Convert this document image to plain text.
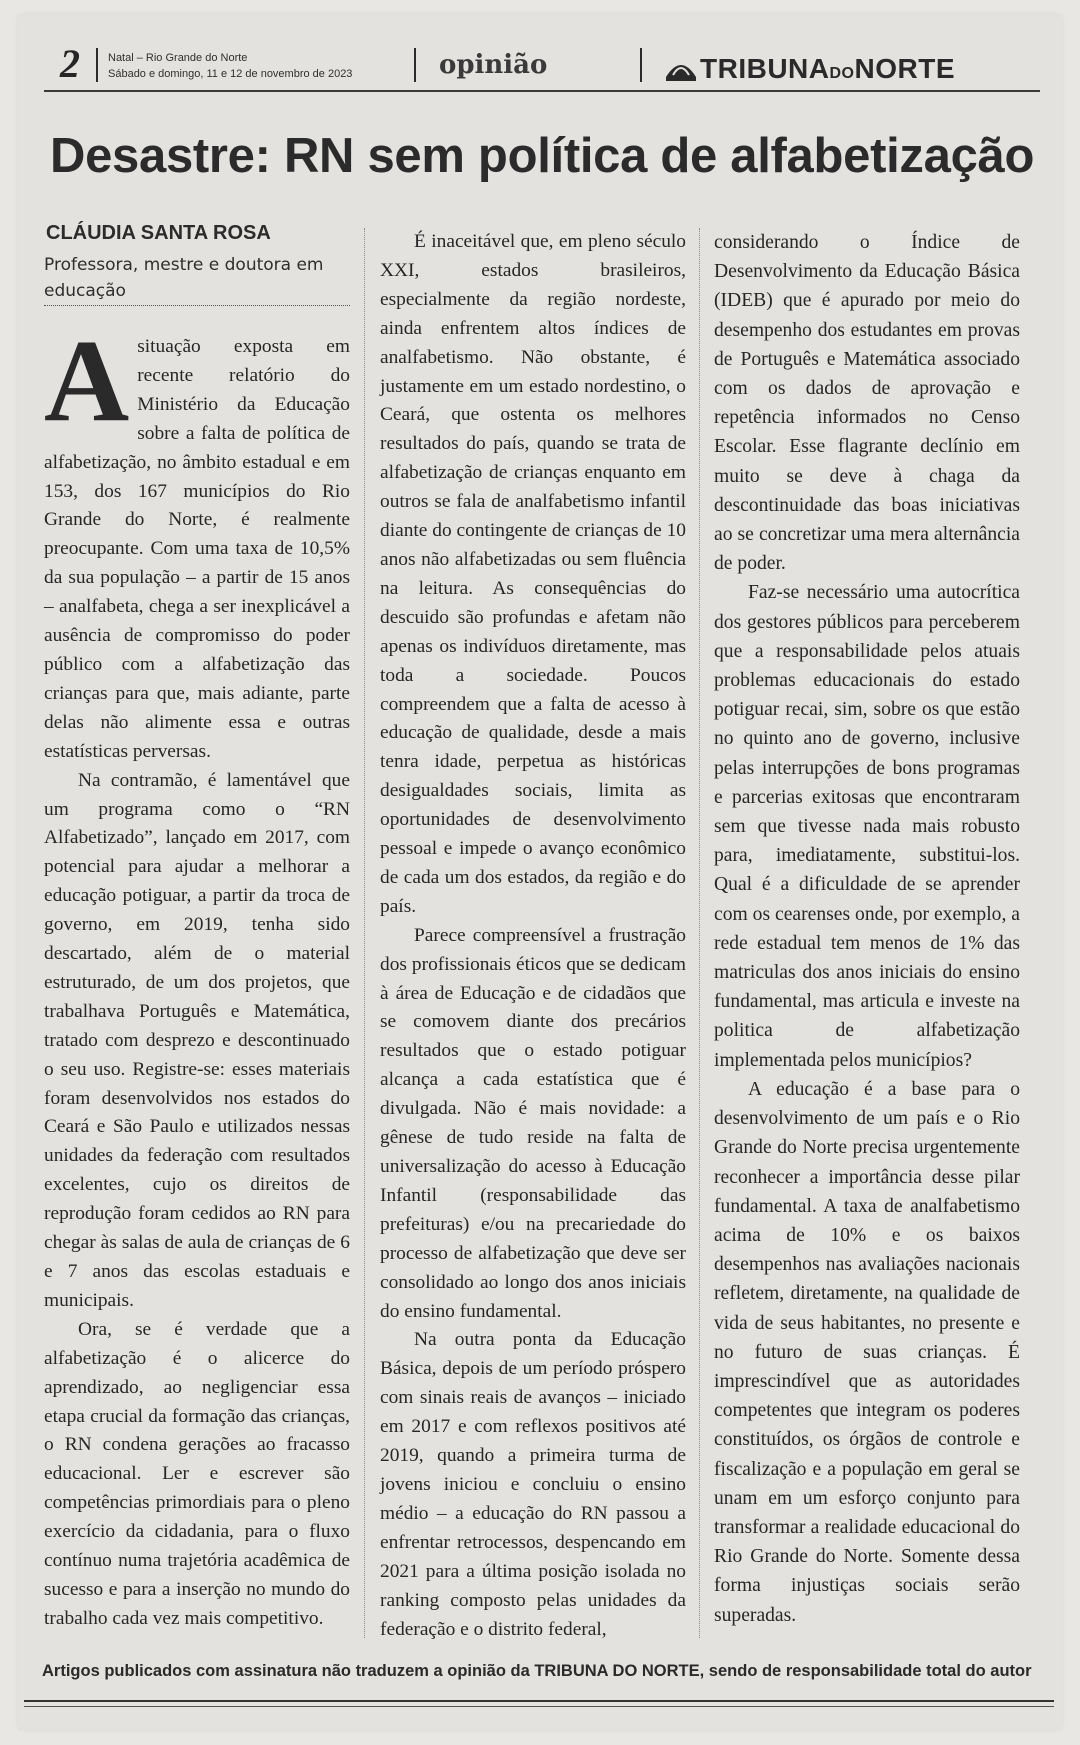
2	Natal – Rio Grande do Norte
Sábado e domingo, 11 e 12 de novembro de 2023	opinião	TRIBUNADONORTE
Desastre: RN sem política de alfabetização
CLÁUDIA SANTA ROSA
Professora, mestre e doutora em educação

Asituação exposta em recente relatório do Ministério da Educação sobre a falta de política de alfabetização, no âmbito estadual e em 153, dos 167 municípios do Rio Grande do Norte, é realmente preocupante. Com uma taxa de 10,5% da sua população – a partir de 15 anos – analfabeta, chega a ser inexplicável a ausência de compromisso do poder público com a alfabetização das crianças para que, mais adiante, parte delas não alimente essa e outras estatísticas perversas.

Na contramão, é lamentável que um programa como o “RN Alfabetizado”, lançado em 2017, com potencial para ajudar a melhorar a educação potiguar, a partir da troca de governo, em 2019, tenha sido descartado, além de o material estruturado, de um dos projetos, que trabalhava Português e Matemática, tratado com desprezo e descontinuado o seu uso. Registre-se: esses materiais foram desenvolvidos nos estados do Ceará e São Paulo e utilizados nessas unidades da federação com resultados excelentes, cujo os direitos de reprodução foram cedidos ao RN para chegar às salas de aula de crianças de 6 e 7 anos das escolas estaduais e municipais.

Ora, se é verdade que a alfabetização é o alicerce do aprendizado, ao negligenciar essa etapa crucial da formação das crianças, o RN condena gerações ao fracasso educacional. Ler e escrever são competências primordiais para o pleno exercício da cidadania, para o fluxo contínuo numa trajetória acadêmica de sucesso e para a inserção no mundo do trabalho cada vez mais competitivo.

É inaceitável que, em pleno século XXI, estados brasileiros, especialmente da região nordeste, ainda enfrentem altos índices de analfabetismo. Não obstante, é justamente em um estado nordestino, o Ceará, que ostenta os melhores resultados do país, quando se trata de alfabetização de crianças enquanto em outros se fala de analfabetismo infantil diante do contingente de crianças de 10 anos não alfabetizadas ou sem fluência na leitura. As consequências do descuido são profundas e afetam não apenas os indivíduos diretamente, mas toda a sociedade. Poucos compreendem que a falta de acesso à educação de qualidade, desde a mais tenra idade, perpetua as históricas desigualdades sociais, limita as oportunidades de desenvolvimento pessoal e impede o avanço econômico de cada um dos estados, da região e do país.

Parece compreensível a frustração dos profissionais éticos que se dedicam à área de Educação e de cidadãos que se comovem diante dos precários resultados que o estado potiguar alcança a cada estatística que é divulgada. Não é mais novidade: a gênese de tudo reside na falta de universalização do acesso à Educação Infantil (responsabilidade das prefeituras) e/ou na precariedade do processo de alfabetização que deve ser consolidado ao longo dos anos iniciais do ensino fundamental.

Na outra ponta da Educação Básica, depois de um período próspero com sinais reais de avanços – iniciado em 2017 e com reflexos positivos até 2019, quando a primeira turma de jovens iniciou e concluiu o ensino médio – a educação do RN passou a enfrentar retrocessos, despencando em 2021 para a última posição isolada no ranking composto pelas unidades da federação e o distrito federal,

considerando o Índice de Desenvolvimento da Educação Básica (IDEB) que é apurado por meio do desempenho dos estudantes em provas de Português e Matemática associado com os dados de aprovação e repetência informados no Censo Escolar. Esse flagrante declínio em muito se deve à chaga da descontinuidade das boas iniciativas ao se concretizar uma mera alternância de poder.

Faz-se necessário uma autocrítica dos gestores públicos para perceberem que a responsabilidade pelos atuais problemas educacionais do estado potiguar recai, sim, sobre os que estão no quinto ano de governo, inclusive pelas interrupções de bons programas e parcerias exitosas que encontraram sem que tivesse nada mais robusto para, imediatamente, substitui-los. Qual é a dificuldade de se aprender com os cearenses onde, por exemplo, a rede estadual tem menos de 1% das matriculas dos anos iniciais do ensino fundamental, mas articula e investe na politica de alfabetização implementada pelos municípios?

A educação é a base para o desenvolvimento de um país e o Rio Grande do Norte precisa urgentemente reconhecer a importância desse pilar fundamental. A taxa de analfabetismo acima de 10% e os baixos desempenhos nas avaliações nacionais refletem, diretamente, na qualidade de vida de seus habitantes, no presente e no futuro de suas crianças. É imprescindível que as autoridades competentes que integram os poderes constituídos, os órgãos de controle e fiscalização e a população em geral se unam em um esforço conjunto para transformar a realidade educacional do Rio Grande do Norte. Somente dessa forma injustiças sociais serão superadas.

Artigos publicados com assinatura não traduzem a opinião da TRIBUNA DO NORTE, sendo de responsabilidade total do autor
